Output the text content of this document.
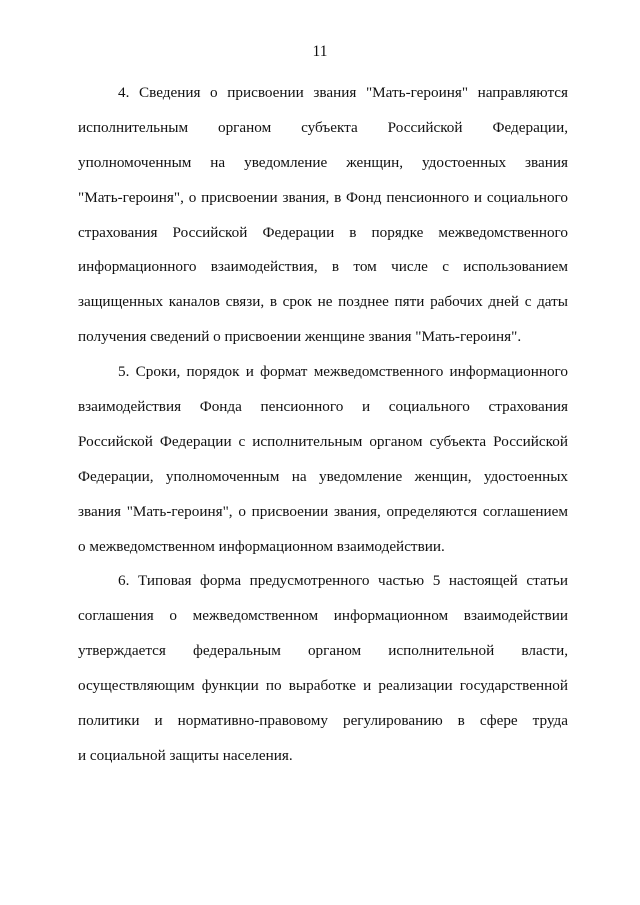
11
4. Сведения о присвоении звания "Мать-героиня" направляются
исполнительным органом субъекта Российской Федерации,
уполномоченным на уведомление женщин, удостоенных звания
"Мать-героиня", о присвоении звания, в Фонд пенсионного и социального
страхования Российской Федерации в порядке межведомственного
информационного взаимодействия, в том числе с использованием
защищенных каналов связи, в срок не позднее пяти рабочих дней с даты
получения сведений о присвоении женщине звания "Мать-героиня".
5. Сроки, порядок и формат межведомственного информационного
взаимодействия Фонда пенсионного и социального страхования
Российской Федерации с исполнительным органом субъекта Российской
Федерации, уполномоченным на уведомление женщин, удостоенных
звания "Мать-героиня", о присвоении звания, определяются соглашением
о межведомственном информационном взаимодействии.
6. Типовая форма предусмотренного частью 5 настоящей статьи
соглашения о межведомственном информационном взаимодействии
утверждается федеральным органом исполнительной власти,
осуществляющим функции по выработке и реализации государственной
политики и нормативно-правовому регулированию в сфере труда
и социальной защиты населения.
